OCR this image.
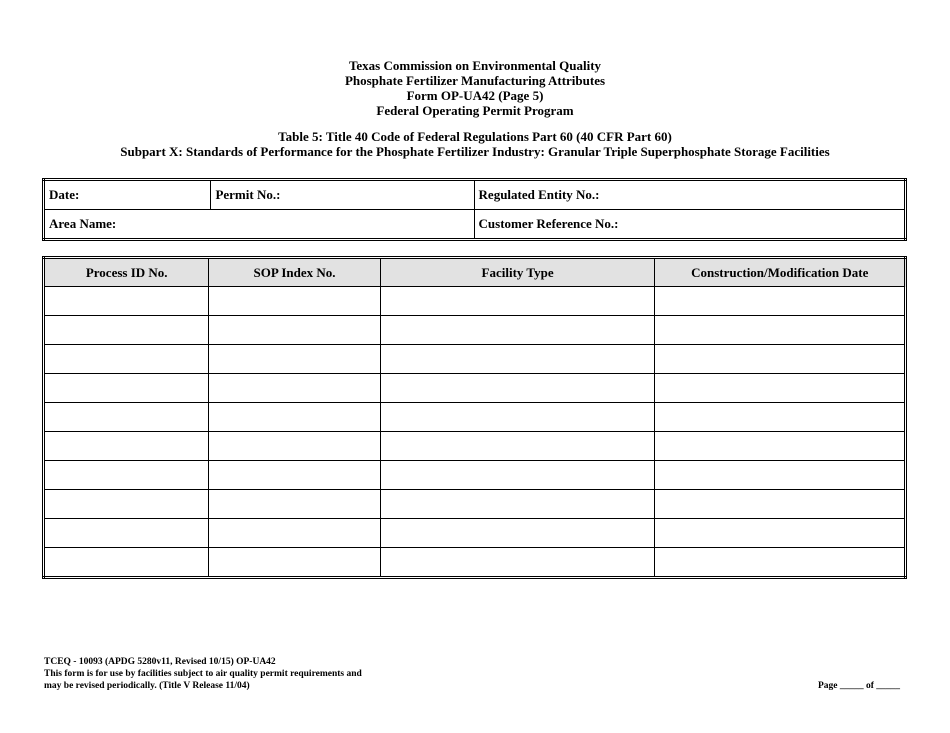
Texas Commission on Environmental Quality
Phosphate Fertilizer Manufacturing Attributes
Form OP-UA42 (Page 5)
Federal Operating Permit Program
Table 5: Title 40 Code of Federal Regulations Part 60 (40 CFR Part 60)
Subpart X: Standards of Performance for the Phosphate Fertilizer Industry: Granular Triple Superphosphate Storage Facilities
Date:	Permit No.:	Regulated Entity No.:
Area Name:		Customer Reference No.:
Process ID No.	SOP Index No.	Facility Type	Construction/Modification Date

TCEQ - 10093 (APDG 5280v11, Revised 10/15) OP-UA42
This form is for use by facilities subject to air quality permit requirements and
may be revised periodically. (Title V Release 11/04)	Page _____ of _____
